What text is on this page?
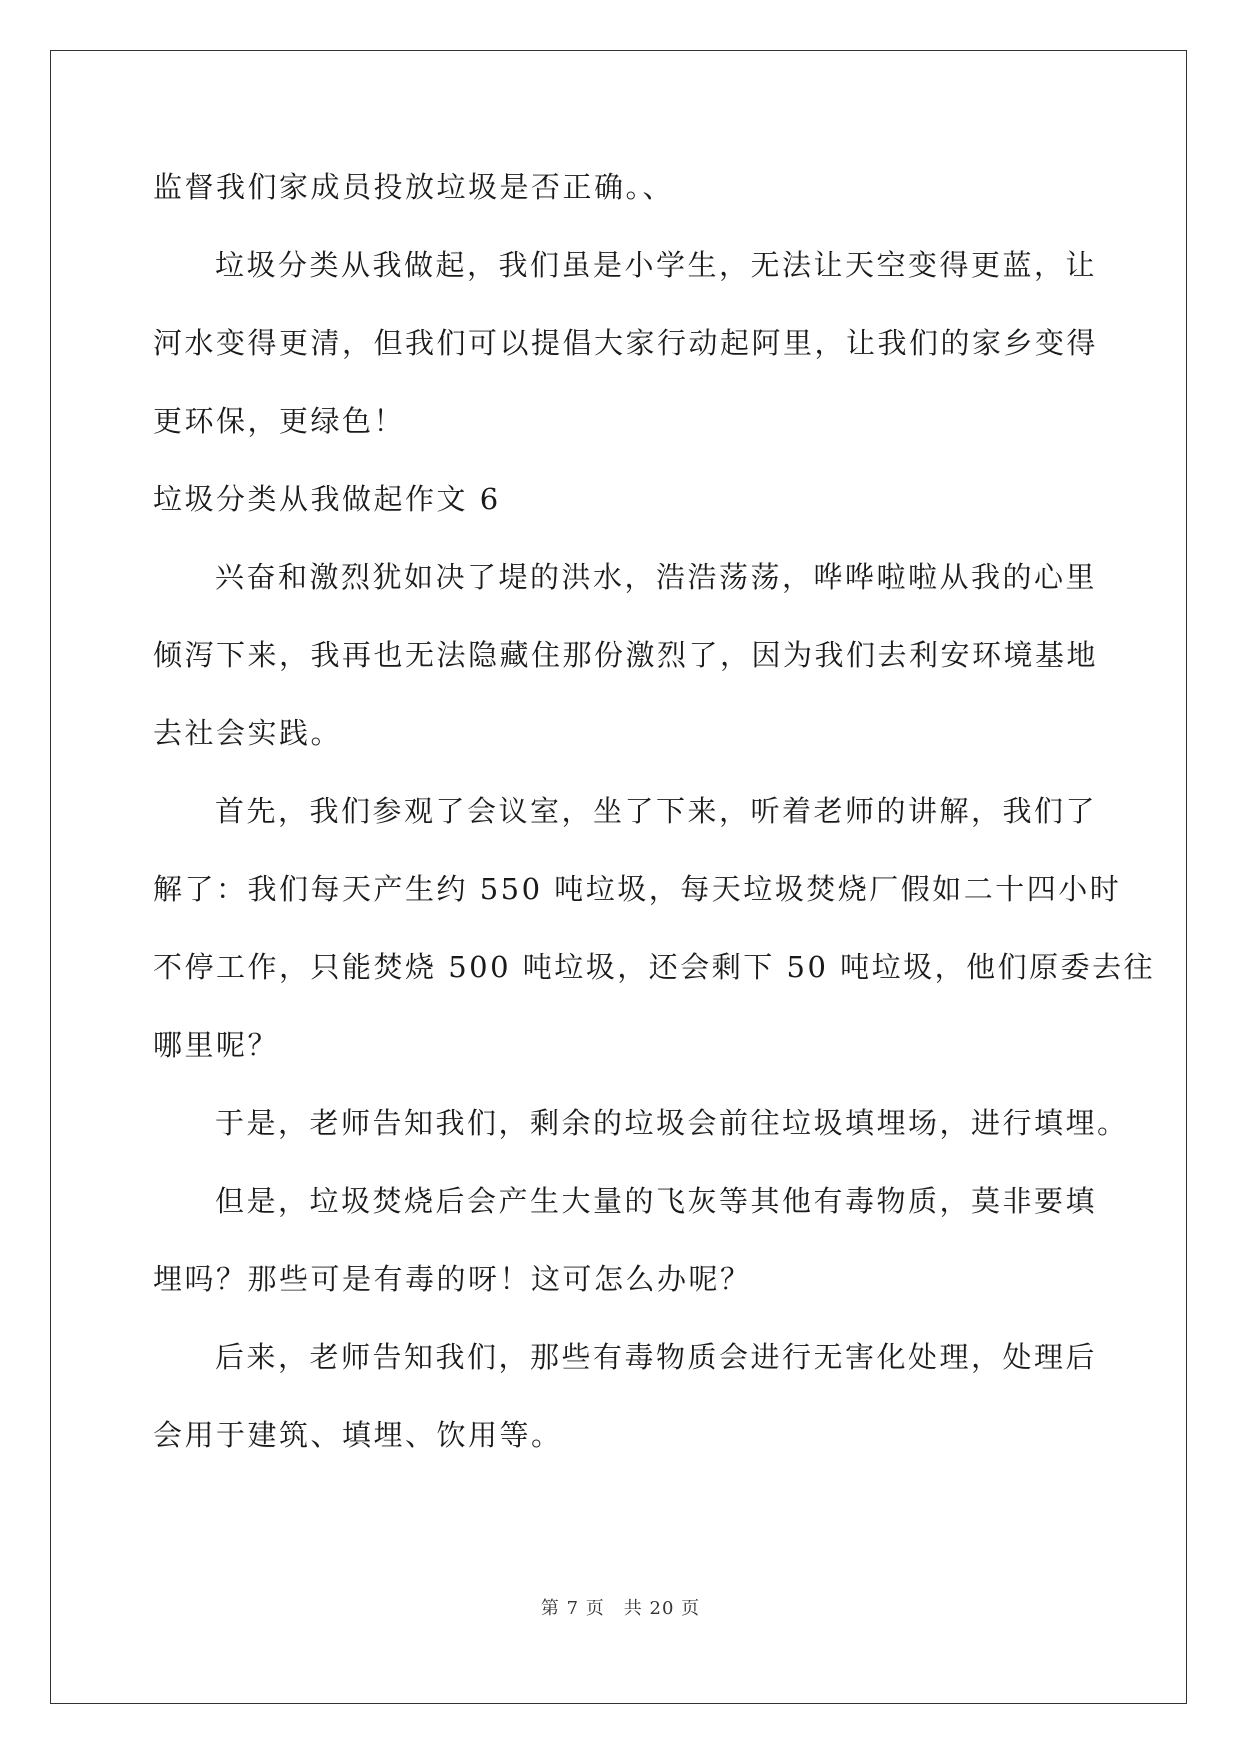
监督我们家成员投放垃圾是否正确。、
垃圾分类从我做起，我们虽是小学生，无法让天空变得更蓝，让
河水变得更清，但我们可以提倡大家行动起阿里，让我们的家乡变得
更环保，更绿色！
垃圾分类从我做起作文 6
兴奋和激烈犹如决了堤的洪水，浩浩荡荡，哗哗啦啦从我的心里
倾泻下来，我再也无法隐藏住那份激烈了，因为我们去利安环境基地
去社会实践。
首先，我们参观了会议室，坐了下来，听着老师的讲解，我们了
解了：我们每天产生约 550 吨垃圾，每天垃圾焚烧厂假如二十四小时
不停工作，只能焚烧 500 吨垃圾，还会剩下 50 吨垃圾，他们原委去往
哪里呢？
于是，老师告知我们，剩余的垃圾会前往垃圾填埋场，进行填埋。
但是，垃圾焚烧后会产生大量的飞灰等其他有毒物质，莫非要填
埋吗？那些可是有毒的呀！这可怎么办呢？
后来，老师告知我们，那些有毒物质会进行无害化处理，处理后
会用于建筑、填埋、饮用等。
第 7 页　共 20 页
